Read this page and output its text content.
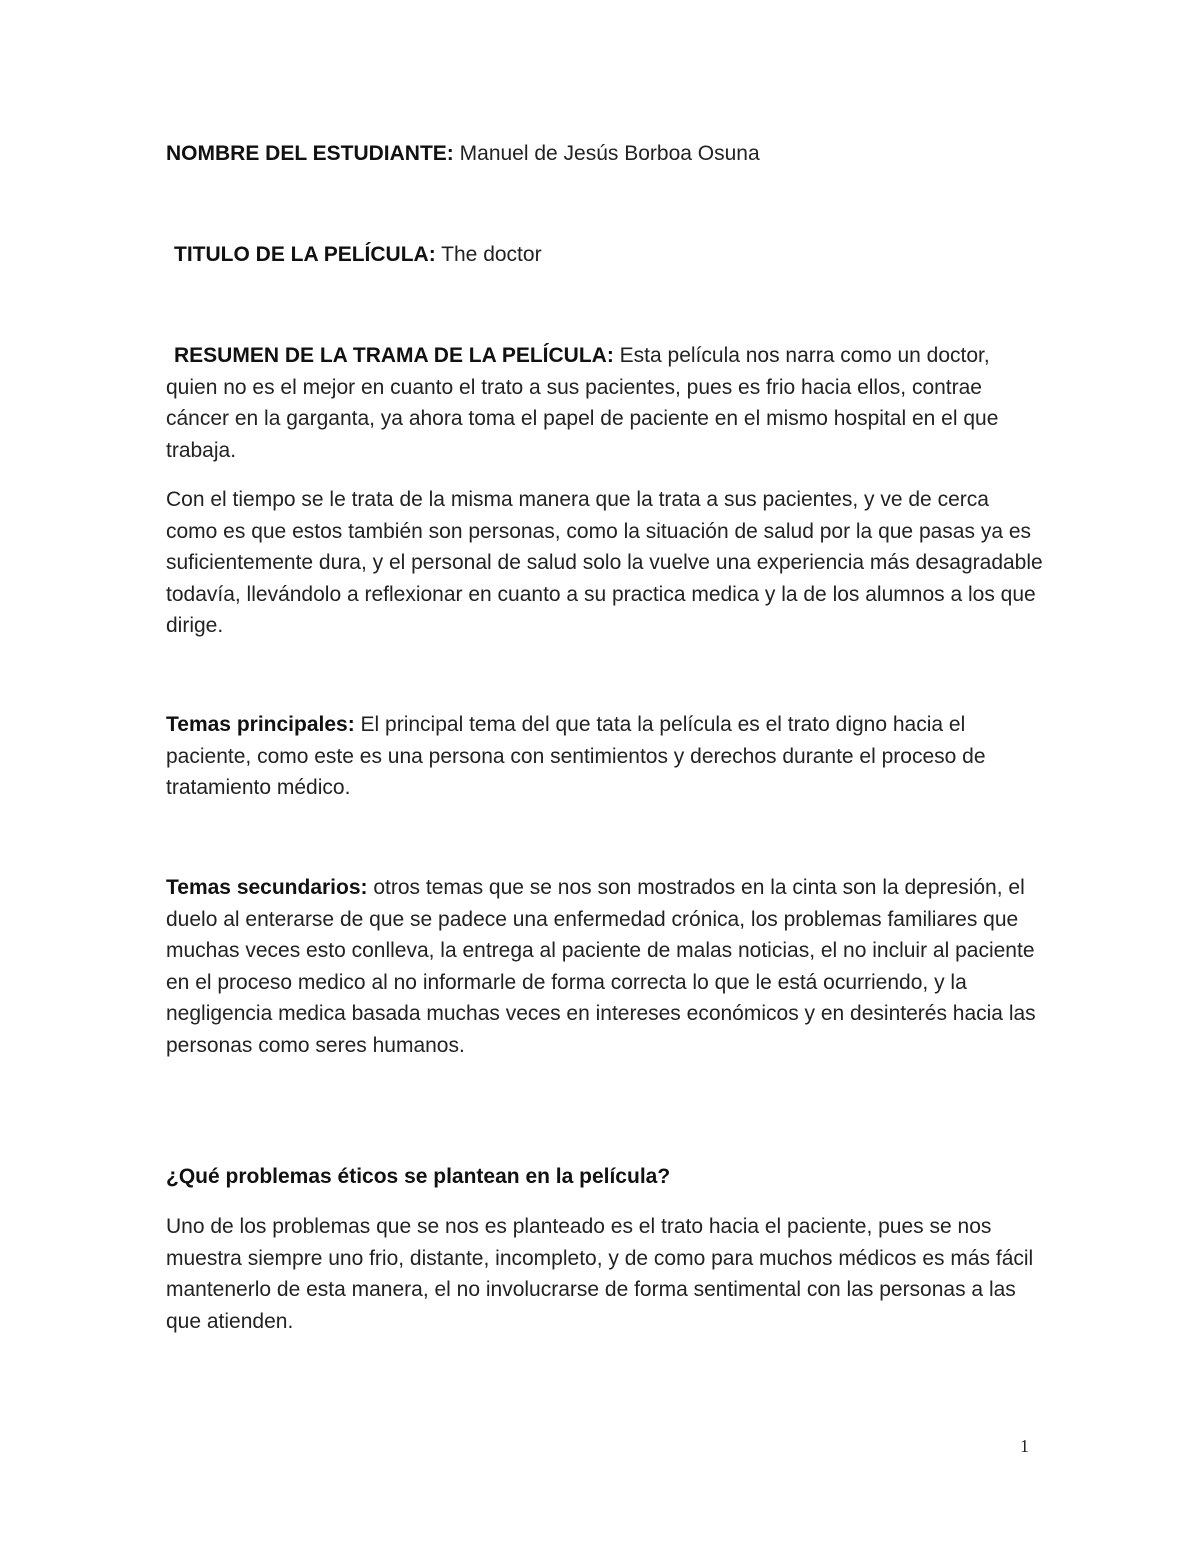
NOMBRE DEL ESTUDIANTE: Manuel de Jesús Borboa Osuna

TITULO DE LA PELÍCULA: The doctor

RESUMEN DE LA TRAMA DE LA PELÍCULA: Esta película nos narra como un doctor, quien no es el mejor en cuanto el trato a sus pacientes, pues es frio hacia ellos, contrae cáncer en la garganta, ya ahora toma el papel de paciente en el mismo hospital en el que trabaja.

Con el tiempo se le trata de la misma manera que la trata a sus pacientes, y ve de cerca como es que estos también son personas, como la situación de salud por la que pasas ya es suficientemente dura, y el personal de salud solo la vuelve una experiencia más desagradable todavía, llevándolo a reflexionar en cuanto a su practica medica y la de los alumnos a los que dirige.

Temas principales: El principal tema del que tata la película es el trato digno hacia el paciente, como este es una persona con sentimientos y derechos durante el proceso de tratamiento médico.

Temas secundarios: otros temas que se nos son mostrados en la cinta son la depresión, el duelo al enterarse de que se padece una enfermedad crónica, los problemas familiares que muchas veces esto conlleva, la entrega al paciente de malas noticias, el no incluir al paciente en el proceso medico al no informarle de forma correcta lo que le está ocurriendo, y la negligencia medica basada muchas veces en intereses económicos y en desinterés hacia las personas como seres humanos.

¿Qué problemas éticos se plantean en la película?

Uno de los problemas que se nos es planteado es el trato hacia el paciente, pues se nos muestra siempre uno frio, distante, incompleto, y de como para muchos médicos es más fácil mantenerlo de esta manera, el no involucrarse de forma sentimental con las personas a las que atienden.

1
